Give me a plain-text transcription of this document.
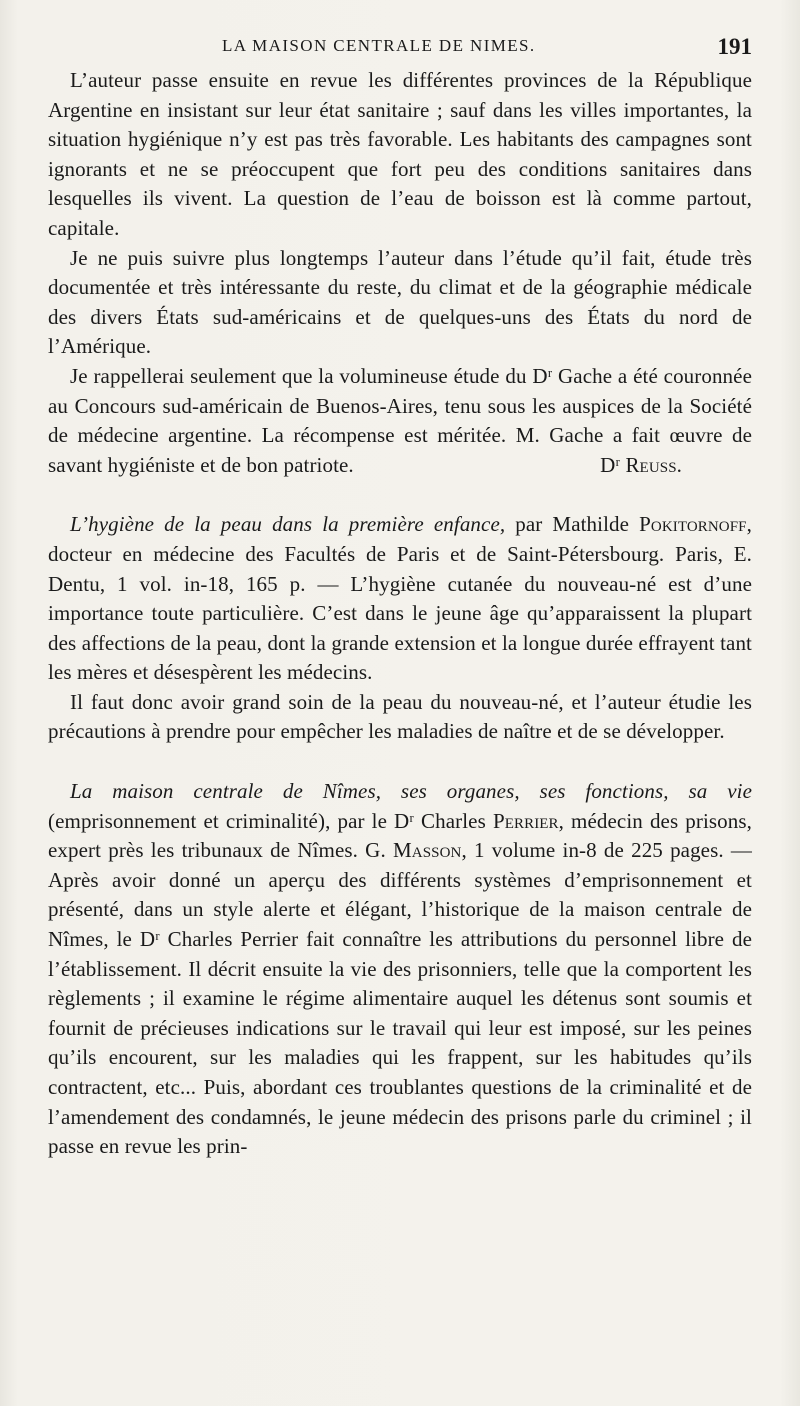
LA MAISON CENTRALE DE NIMES.	191

L’auteur passe ensuite en revue les différentes provinces de la République Argentine en insistant sur leur état sanitaire ; sauf dans les villes importantes, la situation hygiénique n’y est pas très favorable. Les habitants des campagnes sont ignorants et ne se préoccupent que fort peu des conditions sanitaires dans lesquelles ils vivent. La question de l’eau de boisson est là comme partout, capitale.

Je ne puis suivre plus longtemps l’auteur dans l’étude qu’il fait, étude très documentée et très intéressante du reste, du climat et de la géographie médicale des divers États sud-américains et de quelques-uns des États du nord de l’Amérique.

Je rappellerai seulement que la volumineuse étude du Dʳ Gache a été couronnée au Concours sud-américain de Buenos-Aires, tenu sous les auspices de la Société de médecine argentine. La récompense est méritée. M. Gache a fait œuvre de savant hygiéniste et de bon patriote.	Dʳ Reuss.

L’hygiène de la peau dans la première enfance, par Mathilde Pokitornoff, docteur en médecine des Facultés de Paris et de Saint-Pétersbourg. Paris, E. Dentu, 1 vol. in-18, 165 p. — L’hygiène cutanée du nouveau-né est d’une importance toute particulière. C’est dans le jeune âge qu’apparaissent la plupart des affections de la peau, dont la grande extension et la longue durée effrayent tant les mères et désespèrent les médecins.

Il faut donc avoir grand soin de la peau du nouveau-né, et l’auteur étudie les précautions à prendre pour empêcher les maladies de naître et de se développer.

La maison centrale de Nîmes, ses organes, ses fonctions, sa vie (emprisonnement et criminalité), par le Dʳ Charles Perrier, médecin des prisons, expert près les tribunaux de Nîmes. G. Masson, 1 volume in-8 de 225 pages. — Après avoir donné un aperçu des différents systèmes d’emprisonnement et présenté, dans un style alerte et élégant, l’historique de la maison centrale de Nîmes, le Dʳ Charles Perrier fait connaître les attributions du personnel libre de l’établissement. Il décrit ensuite la vie des prisonniers, telle que la comportent les règlements ; il examine le régime alimentaire auquel les détenus sont soumis et fournit de précieuses indications sur le travail qui leur est imposé, sur les peines qu’ils encourent, sur les maladies qui les frappent, sur les habitudes qu’ils contractent, etc... Puis, abordant ces troublantes questions de la criminalité et de l’amendement des condamnés, le jeune médecin des prisons parle du criminel ; il passe en revue les prin-
